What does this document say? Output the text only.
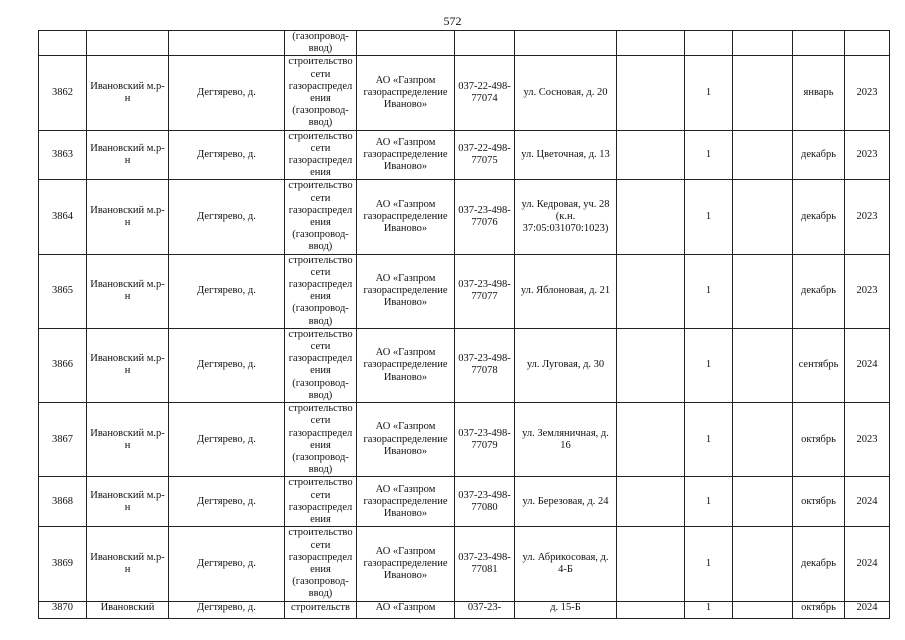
572

			(газопровод-
ввод)								

3862	Ивановский м.р-н	Дегтярево, д.	строительство сети газораспределения (газопровод-ввод)	АО «Газпром газораспределение Иваново»	037-22-498-77074	ул. Сосновая, д. 20		1		январь	2023
3863	Ивановский м.р-н	Дегтярево, д.	строительство сети газораспределения	АО «Газпром газораспределение Иваново»	037-22-498-77075	ул. Цветочная, д. 13		1		декабрь	2023
3864	Ивановский м.р-н	Дегтярево, д.	строительство сети газораспределения (газопровод-ввод)	АО «Газпром газораспределение Иваново»	037-23-498-77076	ул. Кедровая, уч. 28 (к.н. 37:05:031070:1023)		1		декабрь	2023
3865	Ивановский м.р-н	Дегтярево, д.	строительство сети газораспределения (газопровод-ввод)	АО «Газпром газораспределение Иваново»	037-23-498-77077	ул. Яблоновая, д. 21		1		декабрь	2023
3866	Ивановский м.р-н	Дегтярево, д.	строительство сети газораспределения (газопровод-ввод)	АО «Газпром газораспределение Иваново»	037-23-498-77078	ул. Луговая, д. 30		1		сентябрь	2024
3867	Ивановский м.р-н	Дегтярево, д.	строительство сети газораспределения (газопровод-ввод)	АО «Газпром газораспределение Иваново»	037-23-498-77079	ул. Земляничная, д. 16		1		октябрь	2023
3868	Ивановский м.р-н	Дегтярево, д.	строительство сети газораспределения	АО «Газпром газораспределение Иваново»	037-23-498-77080	ул. Березовая, д. 24		1		октябрь	2024
3869	Ивановский м.р-н	Дегтярево, д.	строительство сети газораспределения (газопровод-ввод)	АО «Газпром газораспределение Иваново»	037-23-498-77081	ул. Абрикосовая, д. 4-Б		1		декабрь	2024
3870	Ивановский	Дегтярево, д.	строительств	АО «Газпром	037-23-	д. 15-Б		1		октябрь	2024
